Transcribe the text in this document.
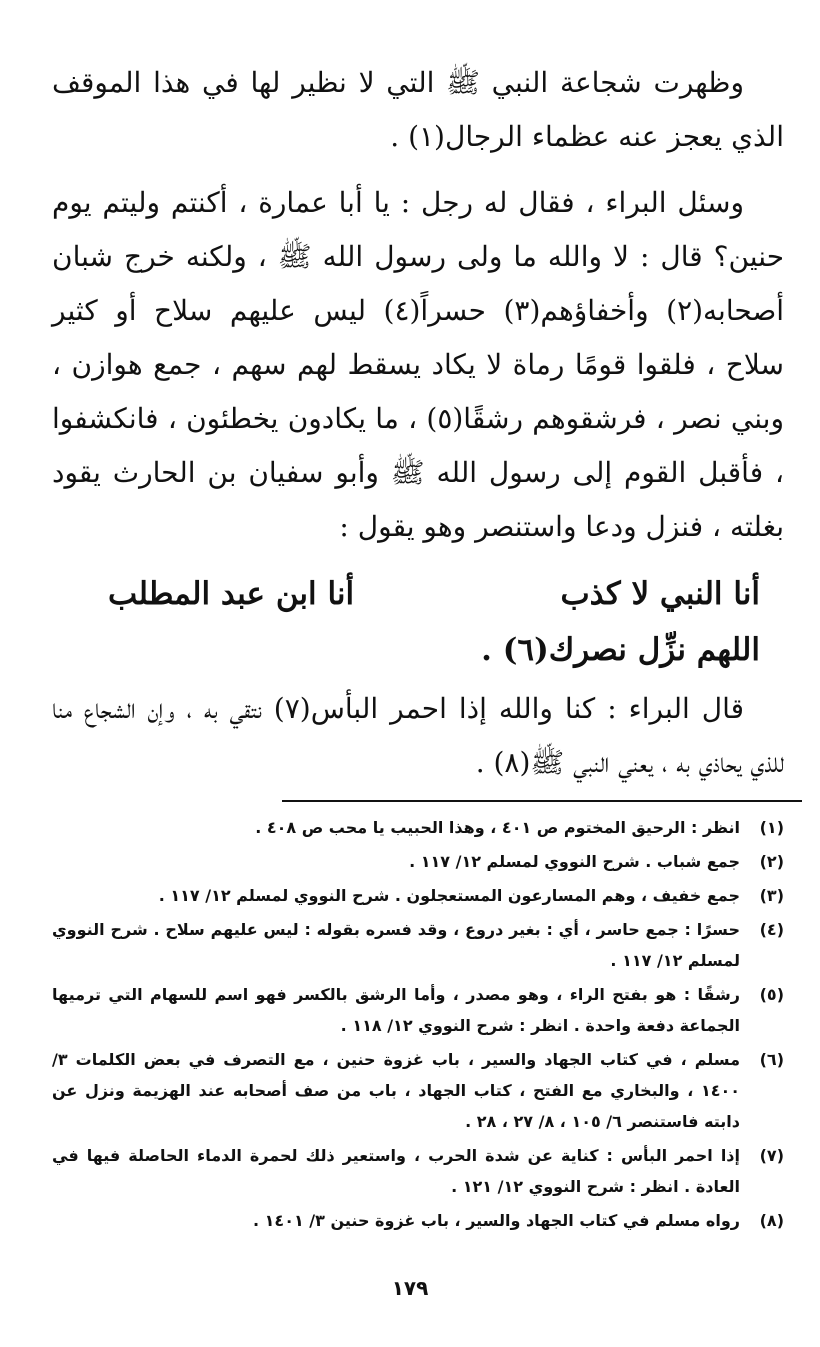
وظهرت شجاعة النبي ﷺ التي لا نظير لها في هذا الموقف الذي يعجز عنه عظماء الرجال(١) .

وسئل البراء ، فقال له رجل : يا أبا عمارة ، أكنتم وليتم يوم حنين؟ قال : لا والله ما ولى رسول الله ﷺ ، ولكنه خرج شبان أصحابه(٢) وأخفاؤهم(٣) حسراً(٤) ليس عليهم سلاح أو كثير سلاح ، فلقوا قومًا رماة لا يكاد يسقط لهم سهم ، جمع هوازن ، وبني نصر ، فرشقوهم رشقًا(٥) ، ما يكادون يخطئون ، فانكشفوا ، فأقبل القوم إلى رسول الله ﷺ وأبو سفيان بن الحارث يقود بغلته ، فنزل ودعا واستنصر وهو يقول :

أنا النبي لا كذب
أنا ابن عبد المطلب
اللهم نزِّل نصرك(٦) .

قال البراء : كنا والله إذا احمر البأس(٧) نتقي به ، وإن الشجاع منا للذي يحاذي به ، يعني النبي ﷺ(٨) .

(١)
انظر : الرحيق المختوم ص ٤٠١ ، وهذا الحبيب يا محب ص ٤٠٨ .
(٢)
جمع شباب . شرح النووي لمسلم ١٢/ ١١٧ .
(٣)
جمع خفيف ، وهم المسارعون المستعجلون . شرح النووي لمسلم ١٢/ ١١٧ .
(٤)
حسرًا : جمع حاسر ، أي : بغير دروع ، وقد فسره بقوله : ليس عليهم سلاح . شرح النووي لمسلم ١٢/ ١١٧ .
(٥)
رشقًا : هو بفتح الراء ، وهو مصدر ، وأما الرشق بالكسر فهو اسم للسهام التي ترميها الجماعة دفعة واحدة . انظر : شرح النووي ١٢/ ١١٨ .
(٦)
مسلم ، في كتاب الجهاد والسير ، باب غزوة حنين ، مع التصرف في بعض الكلمات ٣/ ١٤٠٠ ، والبخاري مع الفتح ، كتاب الجهاد ، باب من صف أصحابه عند الهزيمة ونزل عن دابته فاستنصر ٦/ ١٠٥ ، ٨/ ٢٧ ، ٢٨ .
(٧)
إذا احمر البأس : كناية عن شدة الحرب ، واستعير ذلك لحمرة الدماء الحاصلة فيها في العادة . انظر : شرح النووي ١٢/ ١٢١ .
(٨)
رواه مسلم في كتاب الجهاد والسير ، باب غزوة حنين ٣/ ١٤٠١ .
١٧٩
